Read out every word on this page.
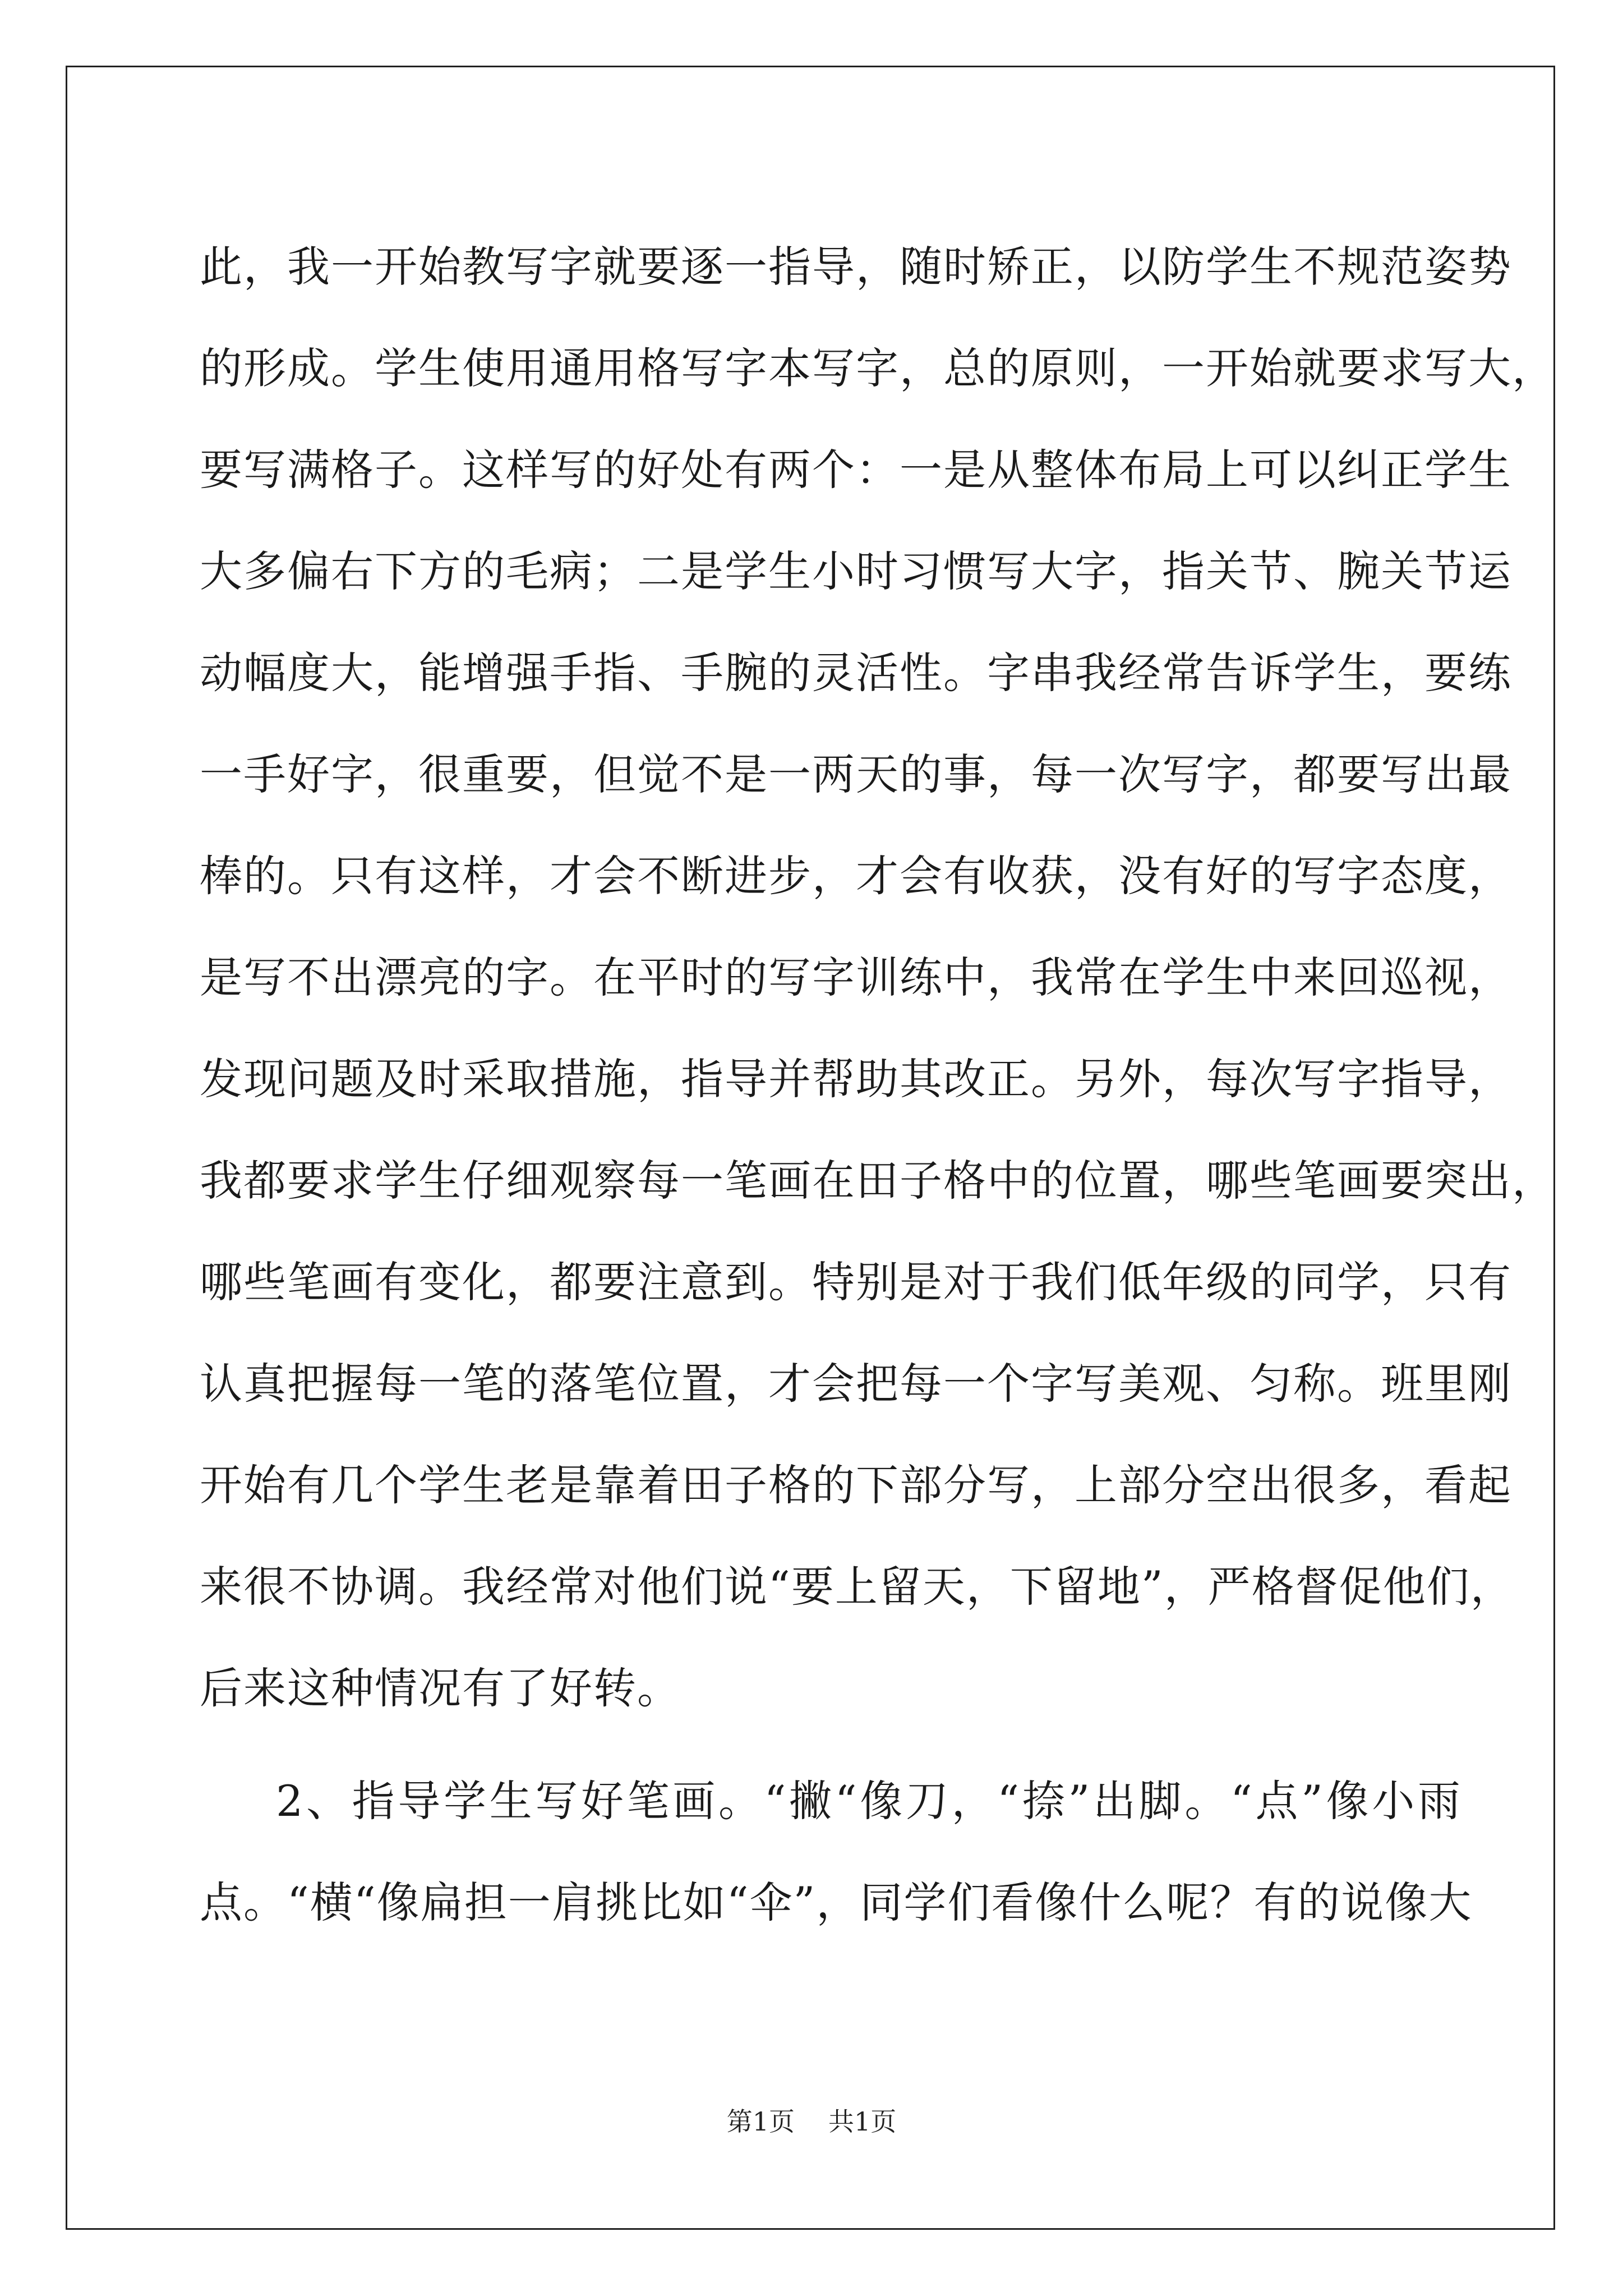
此，我一开始教写字就要逐一指导，随时矫正，以防学生不规范姿势
的形成。学生使用通用格写字本写字，总的原则，一开始就要求写大，
要写满格子。这样写的好处有两个：一是从整体布局上可以纠正学生
大多偏右下方的毛病；二是学生小时习惯写大字，指关节、腕关节运
动幅度大，能增强手指、手腕的灵活性。字串我经常告诉学生，要练
一手好字，很重要，但觉不是一两天的事，每一次写字，都要写出最
棒的。只有这样，才会不断进步，才会有收获，没有好的写字态度，
是写不出漂亮的字。在平时的写字训练中，我常在学生中来回巡视，
发现问题及时采取措施，指导并帮助其改正。另外，每次写字指导，
我都要求学生仔细观察每一笔画在田子格中的位置，哪些笔画要突出，
哪些笔画有变化，都要注意到。特别是对于我们低年级的同学，只有
认真把握每一笔的落笔位置，才会把每一个字写美观、匀称。班里刚
开始有几个学生老是靠着田子格的下部分写，上部分空出很多，看起
来很不协调。我经常对他们说“要上留天，下留地”，严格督促他们，
后来这种情况有了好转。
2、指导学生写好笔画。“撇“像刀，“捺”出脚。“点”像小雨
点。“横“像扁担一肩挑比如“伞”，同学们看像什么呢？有的说像大
第1页 共1页
